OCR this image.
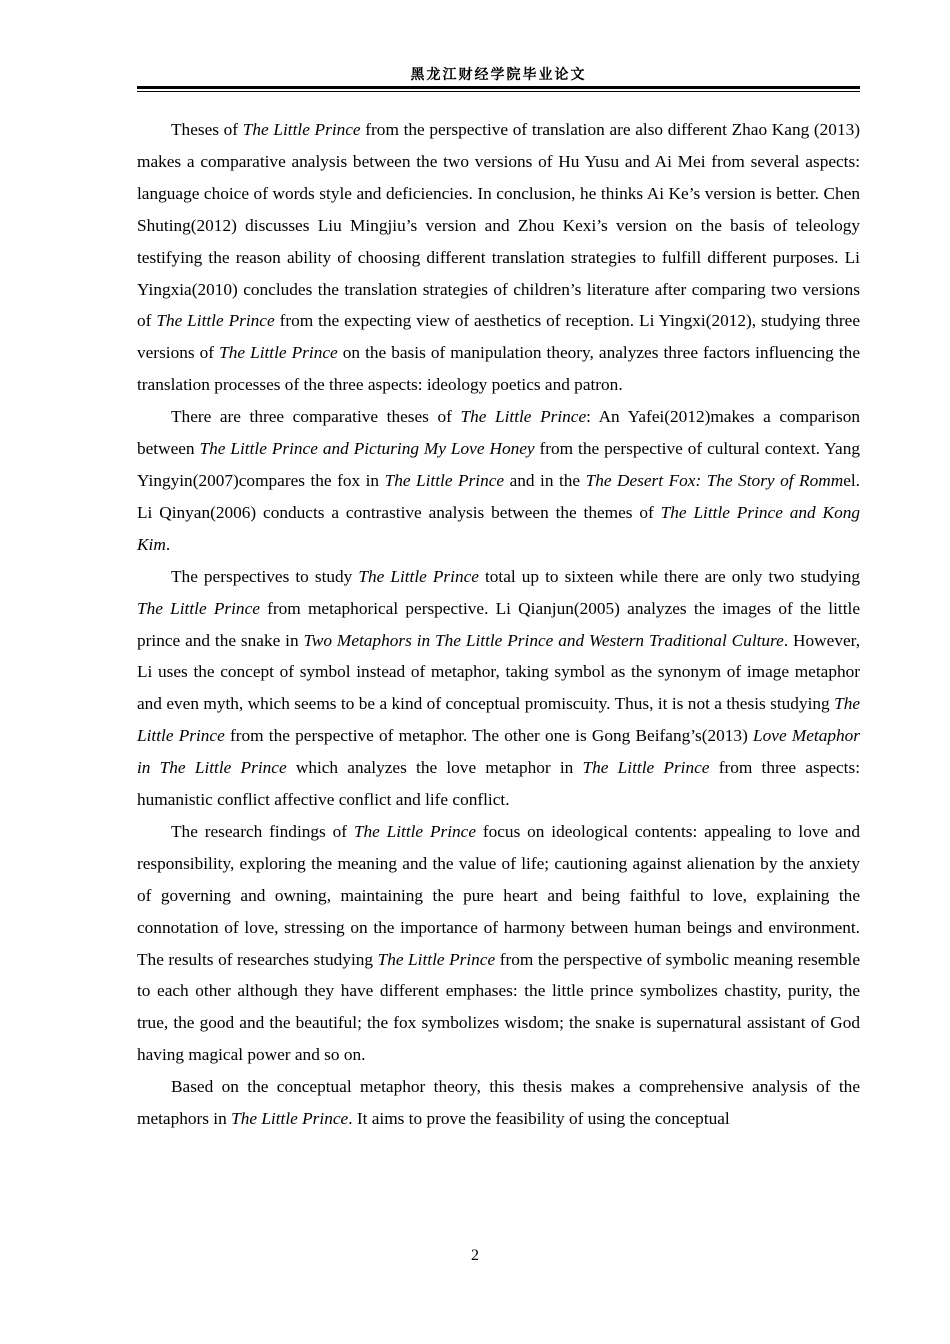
黑龙江财经学院毕业论文

Theses of The Little Prince from the perspective of translation are also different Zhao Kang (2013) makes a comparative analysis between the two versions of Hu Yusu and Ai Mei from several aspects: language choice of words style and deficiencies. In conclusion, he thinks Ai Ke’s version is better. Chen Shuting(2012) discusses Liu Mingjiu’s version and Zhou Kexi’s version on the basis of teleology testifying the reason ability of choosing different translation strategies to fulfill different purposes. Li Yingxia(2010) concludes the translation strategies of children’s literature after comparing two versions of The Little Prince from the expecting view of aesthetics of reception. Li Yingxi(2012), studying three versions of The Little Prince on the basis of manipulation theory, analyzes three factors influencing the translation processes of the three aspects: ideology poetics and patron.

There are three comparative theses of The Little Prince: An Yafei(2012)makes a comparison between The Little Prince and Picturing My Love Honey from the perspective of cultural context. Yang Yingyin(2007)compares the fox in The Little Prince and in the The Desert Fox: The Story of Rommel. Li Qinyan(2006) conducts a contrastive analysis between the themes of The Little Prince and Kong Kim.

The perspectives to study The Little Prince total up to sixteen while there are only two studying The Little Prince from metaphorical perspective. Li Qianjun(2005) analyzes the images of the little prince and the snake in Two Metaphors in The Little Prince and Western Traditional Culture. However, Li uses the concept of symbol instead of metaphor, taking symbol as the synonym of image metaphor and even myth, which seems to be a kind of conceptual promiscuity. Thus, it is not a thesis studying The Little Prince from the perspective of metaphor. The other one is Gong Beifang’s(2013) Love Metaphor in The Little Prince which analyzes the love metaphor in The Little Prince from three aspects: humanistic conflict affective conflict and life conflict.

The research findings of The Little Prince focus on ideological contents: appealing to love and responsibility, exploring the meaning and the value of life; cautioning against alienation by the anxiety of governing and owning, maintaining the pure heart and being faithful to love, explaining the connotation of love, stressing on the importance of harmony between human beings and environment. The results of researches studying The Little Prince from the perspective of symbolic meaning resemble to each other although they have different emphases: the little prince symbolizes chastity, purity, the true, the good and the beautiful; the fox symbolizes wisdom; the snake is supernatural assistant of God having magical power and so on.

Based on the conceptual metaphor theory, this thesis makes a comprehensive analysis of the metaphors in The Little Prince. It aims to prove the feasibility of using the conceptual

2
